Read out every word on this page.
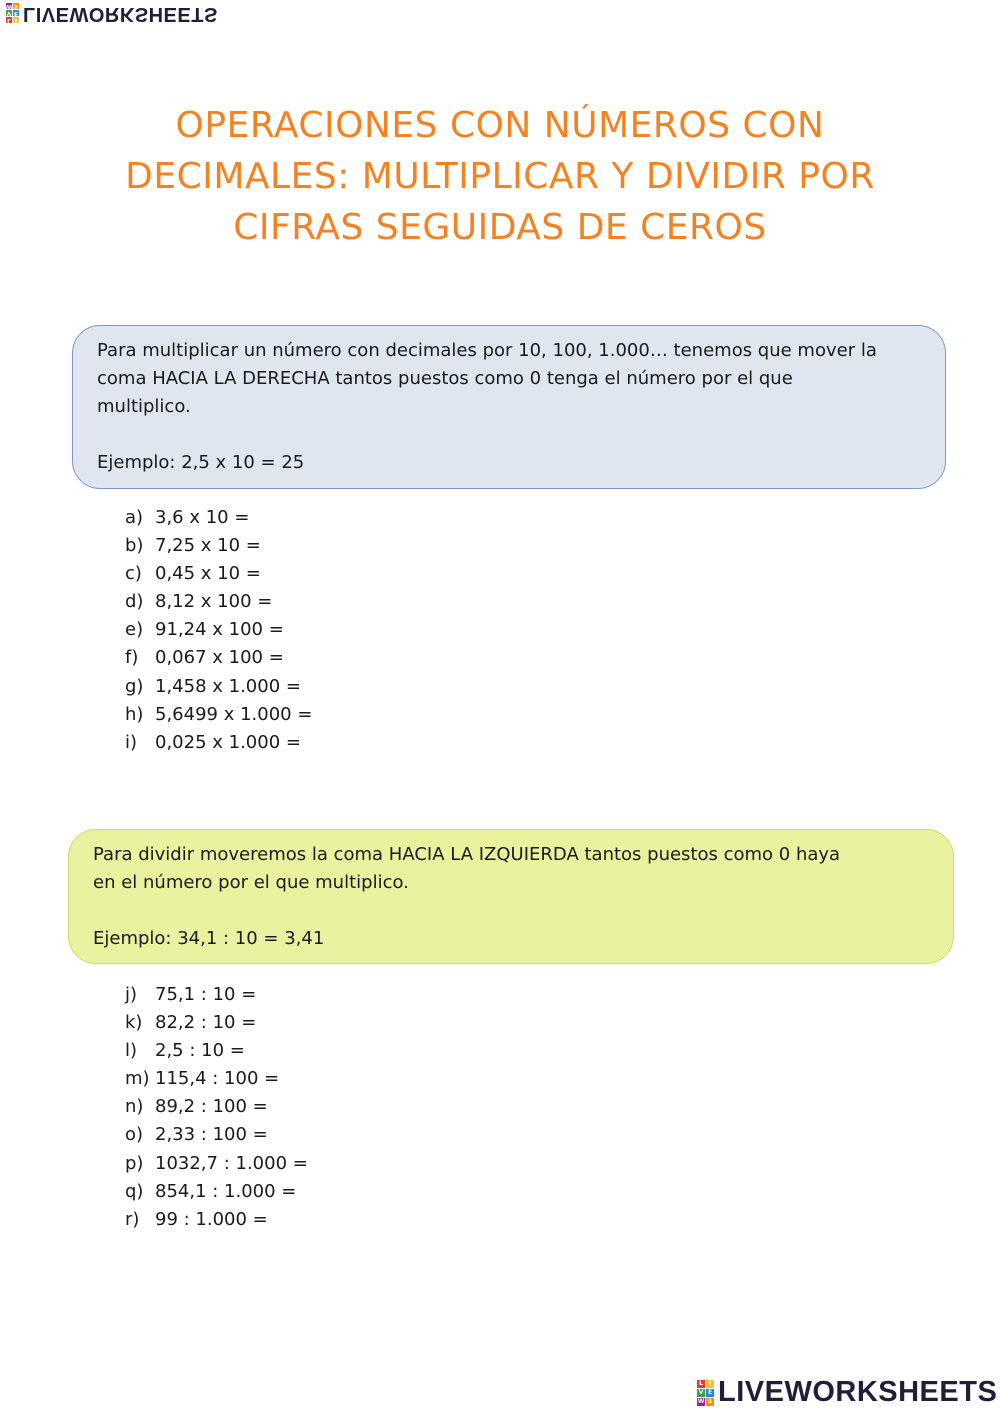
L I
V E
W S LIVEWORKSHEETS
OPERACIONES CON NÚMEROS CON
DECIMALES: MULTIPLICAR Y DIVIDIR POR
CIFRAS SEGUIDAS DE CEROS

Para multiplicar un número con decimales por 10, 100, 1.000… tenemos que mover la

coma HACIA LA DERECHA tantos puestos como 0 tenga el número por el que

multiplico.

Ejemplo: 2,5 x 10 = 25

a) 3,6 x 10 =
b) 7,25 x 10 =
c) 0,45 x 10 =
d) 8,12 x 100 =
e) 91,24 x 100 =
f) 0,067 x 100 =
g) 1,458 x 1.000 =
h) 5,6499 x 1.000 =
i) 0,025 x 1.000 =

Para dividir moveremos la coma HACIA LA IZQUIERDA tantos puestos como 0 haya

en el número por el que multiplico.

Ejemplo: 34,1 : 10 = 3,41

j) 75,1 : 10 =
k) 82,2 : 10 =
l) 2,5 : 10 =
m) 115,4 : 100 =
n) 89,2 : 100 =
o) 2,33 : 100 =
p) 1032,7 : 1.000 =
q) 854,1 : 1.000 =
r) 99 : 1.000 =
L I
V E
W S LIVEWORKSHEETS
